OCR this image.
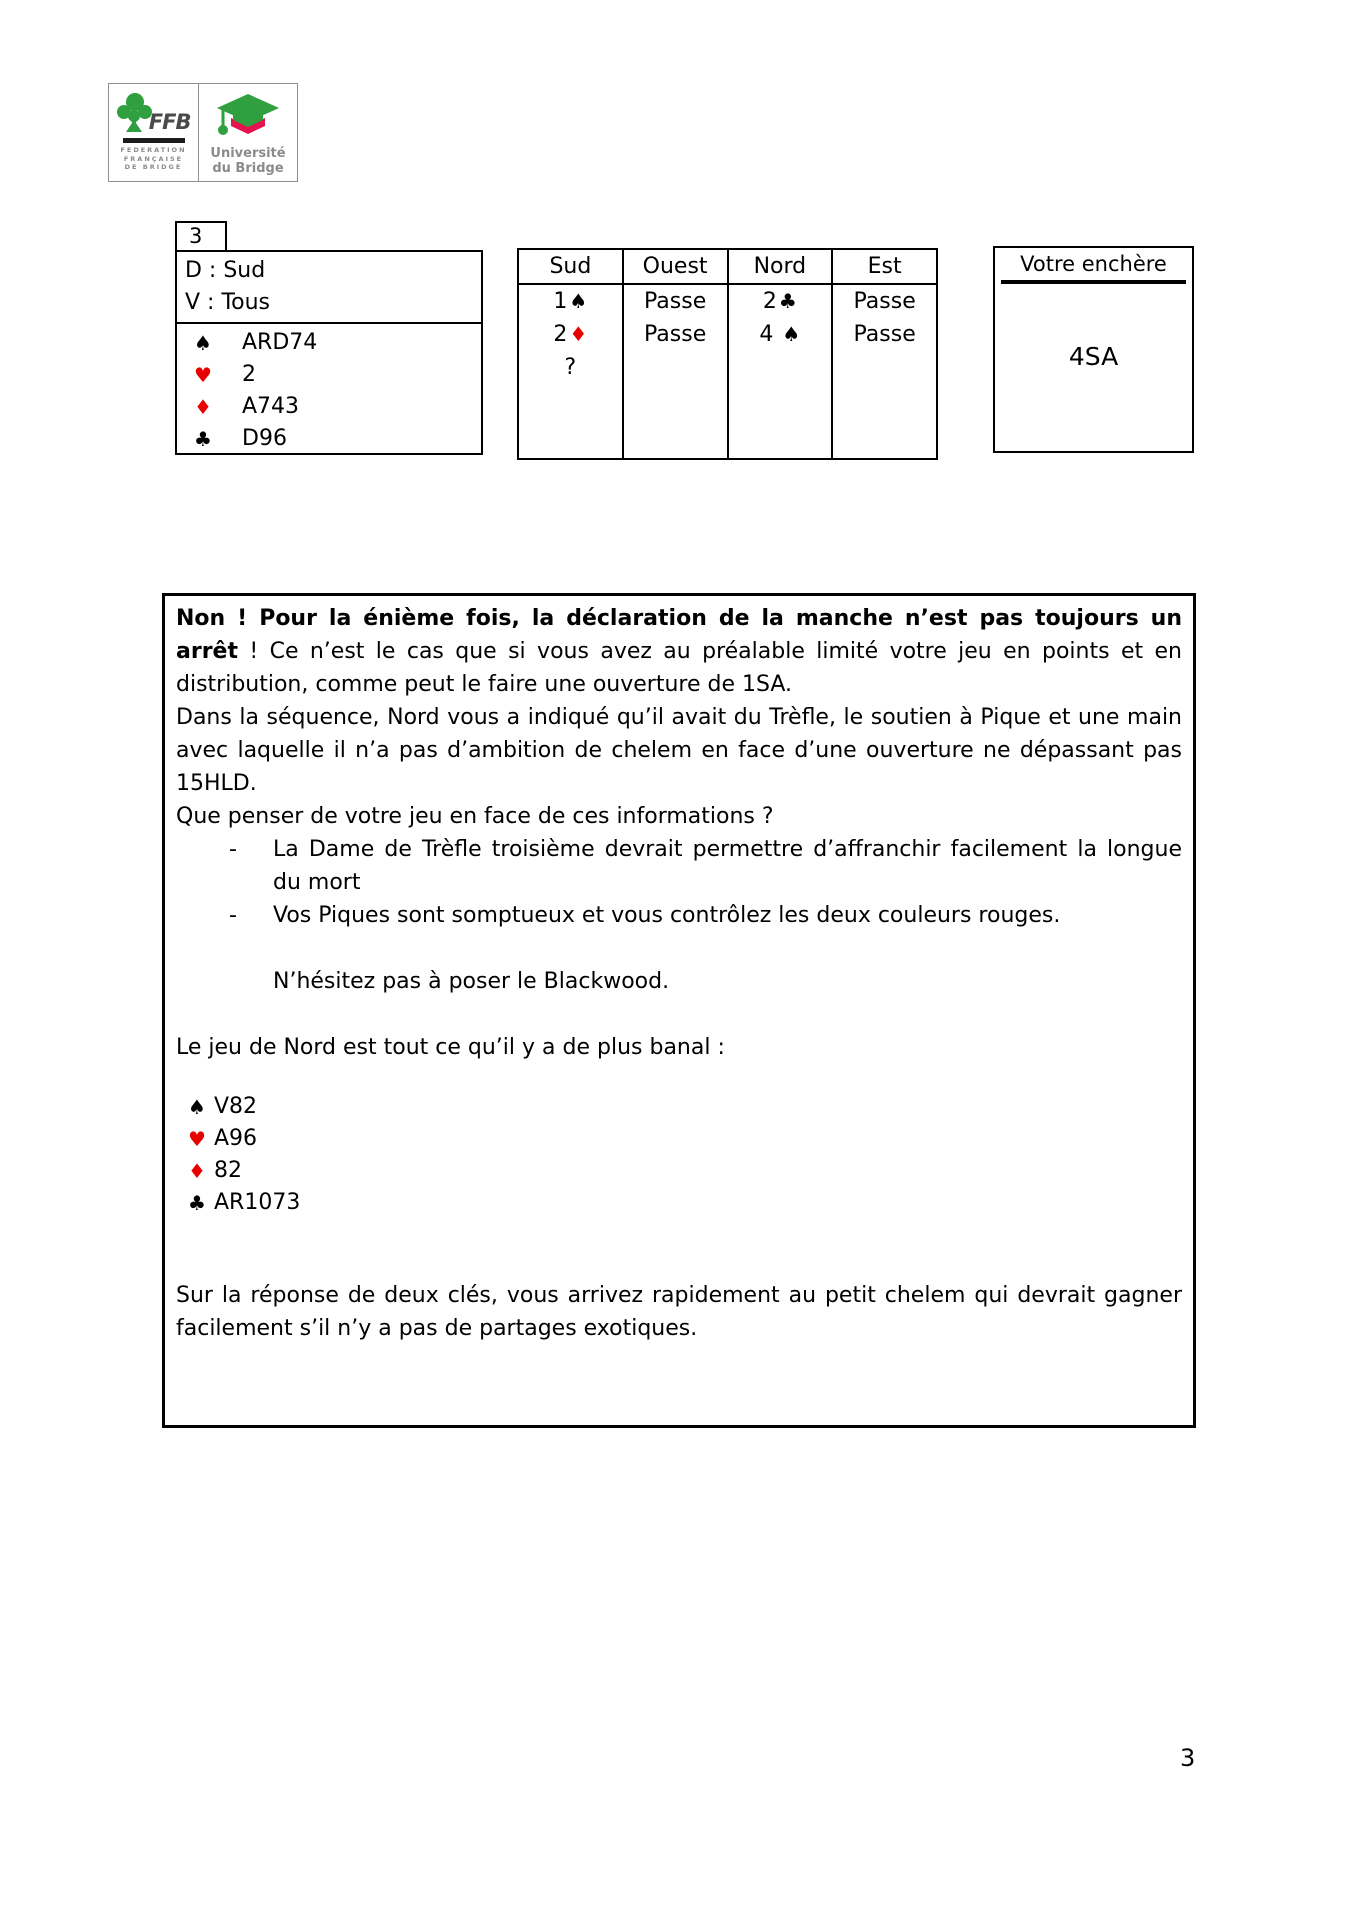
FFB
FEDERATION
FRANÇAISE
DE BRIDGE
Université
du Bridge
3
D : Sud
V : Tous
♠	ARD74
♥	2
♦	A743
♣	D96
Sud	Ouest	Nord	Est
1 ♠	Passe	2 ♣	Passe
2 ♦	Passe	4 ♠	Passe
?			

Votre enchère
4SA

Non ! Pour la énième fois, la déclaration de la manche n’est pas toujours un arrêt ! Ce n’est le cas que si vous avez au préalable limité votre jeu en points et en distribution, comme peut le faire une ouverture de 1SA.

Dans la séquence, Nord vous a indiqué qu’il avait du Trèfle, le soutien à Pique et une main avec laquelle il n’a pas d’ambition de chelem en face d’une ouverture ne dépassant pas 15HLD.

Que penser de votre jeu en face de ces informations ?

-	La Dame de Trèfle troisième devrait permettre d’affranchir facilement la longue du mort
-	Vos Piques sont somptueux et vous contrôlez les deux couleurs rouges.

N’hésitez pas à poser le Blackwood.

Le jeu de Nord est tout ce qu’il y a de plus banal :

♠ V82
♥ A96
♦ 82
♣ AR1073

Sur la réponse de deux clés, vous arrivez rapidement au petit chelem qui devrait gagner facilement s’il n’y a pas de partages exotiques.

3
